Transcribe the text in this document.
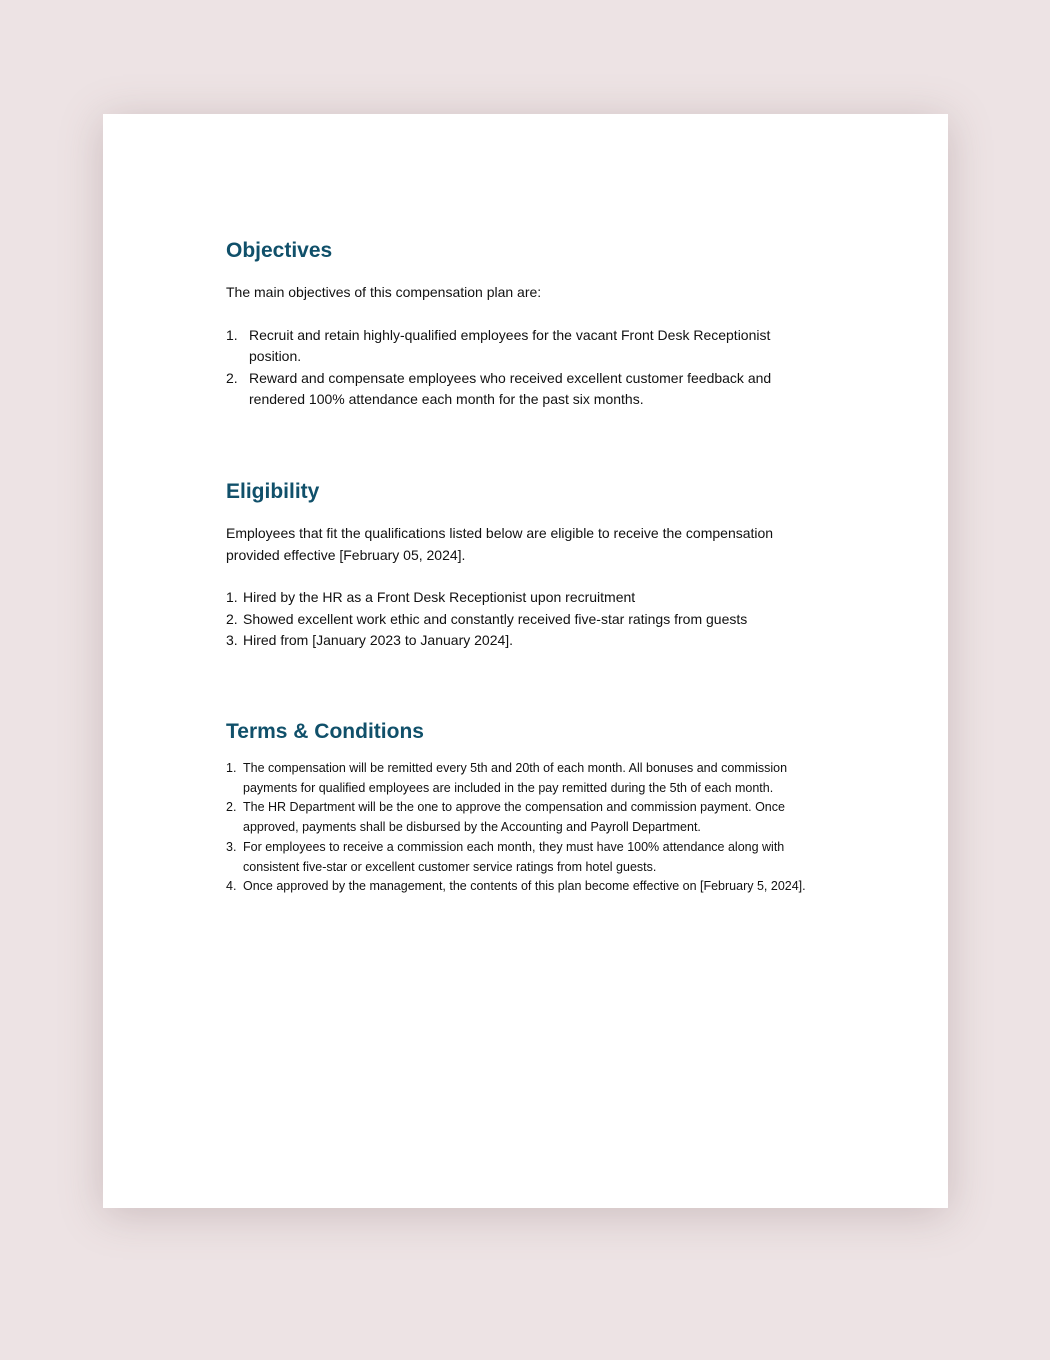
Objectives

The main objectives of this compensation plan are:

1. Recruit and retain highly-qualified employees for the vacant Front Desk Receptionist position.
2. Reward and compensate employees who received excellent customer feedback and rendered 100% attendance each month for the past six months.
Eligibility

Employees that fit the qualifications listed below are eligible to receive the compensation provided effective [February 05, 2024].

1. Hired by the HR as a Front Desk Receptionist upon recruitment
2. Showed excellent work ethic and constantly received five-star ratings from guests
3. Hired from [January 2023 to January 2024].
Terms & Conditions
1. The compensation will be remitted every 5th and 20th of each month. All bonuses and commission payments for qualified employees are included in the pay remitted during the 5th of each month.
2. The HR Department will be the one to approve the compensation and commission payment. Once approved, payments shall be disbursed by the Accounting and Payroll Department.
3. For employees to receive a commission each month, they must have 100% attendance along with consistent five-star or excellent customer service ratings from hotel guests.
4. Once approved by the management, the contents of this plan become effective on [February 5, 2024].
